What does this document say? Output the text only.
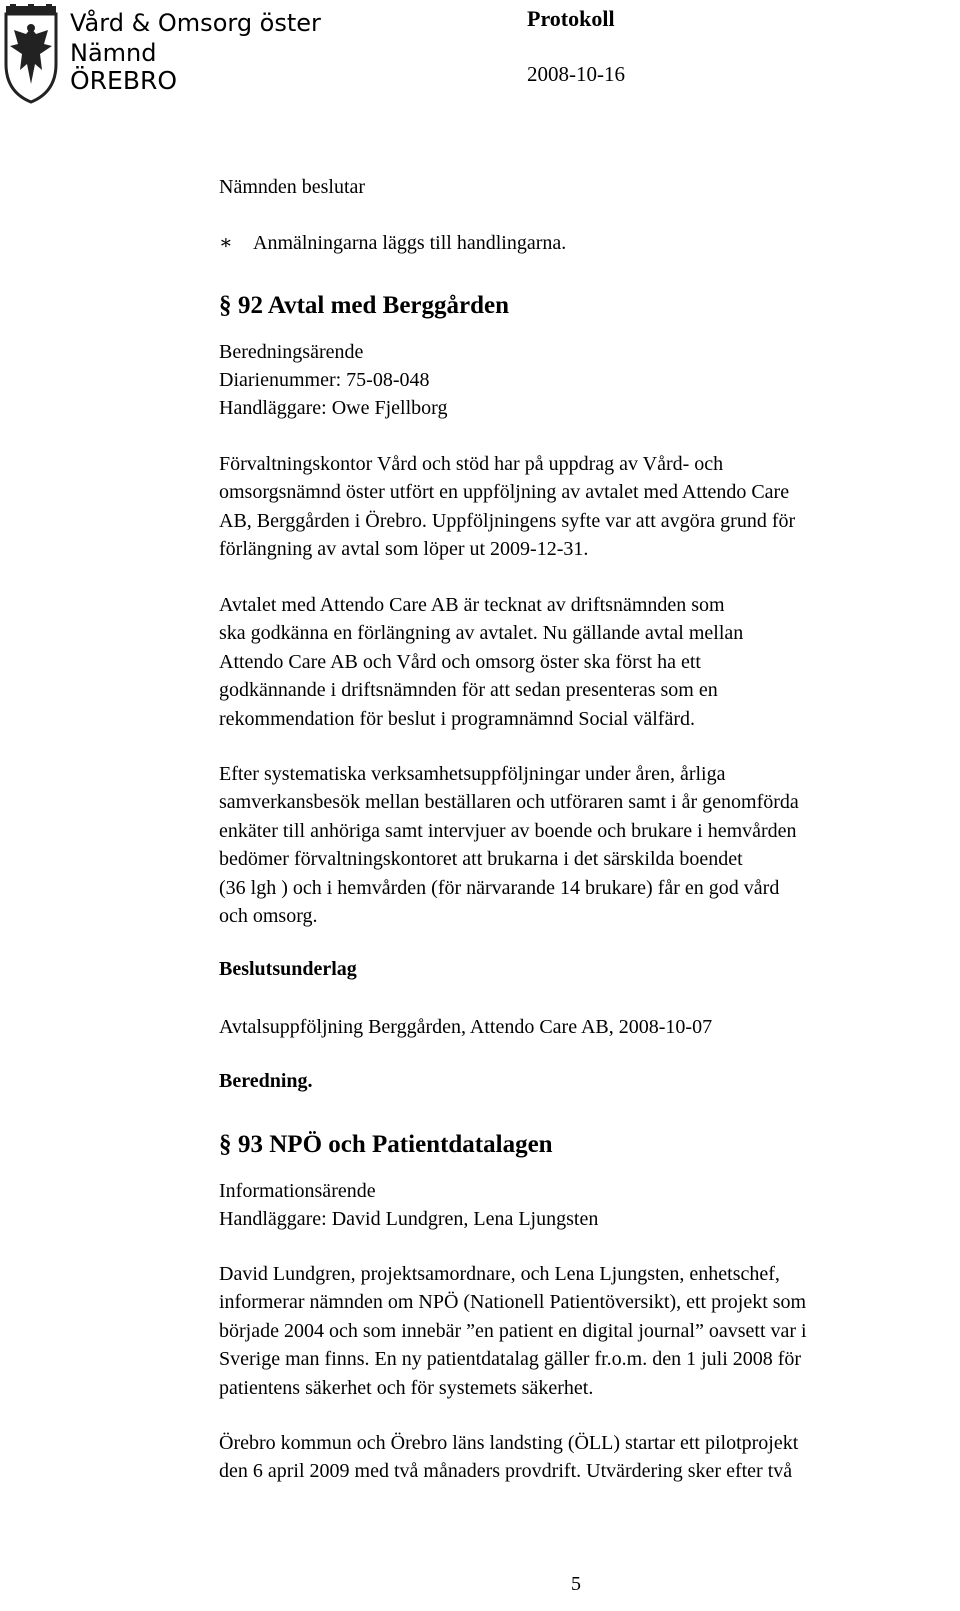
Vård & Omsorg öster
Nämnd
ÖREBRO
Protokoll
2008-10-16
Nämnden beslutar
∗ Anmälningarna läggs till handlingarna.
§ 92 Avtal med Berggården
Beredningsärende
Diarienummer: 75-08-048
Handläggare: Owe Fjellborg
Förvaltningskontor Vård och stöd har på uppdrag av Vård- och
omsorgsnämnd öster utfört en uppföljning av avtalet med Attendo Care
AB, Berggården i Örebro. Uppföljningens syfte var att avgöra grund för
förlängning av avtal som löper ut 2009-12-31.
Avtalet med Attendo Care AB är tecknat av driftsnämnden som
ska godkänna en förlängning av avtalet. Nu gällande avtal mellan
Attendo Care AB och Vård och omsorg öster ska först ha ett
godkännande i driftsnämnden för att sedan presenteras som en
rekommendation för beslut i programnämnd Social välfärd.
Efter systematiska verksamhetsuppföljningar under åren, årliga
samverkansbesök mellan beställaren och utföraren samt i år genomförda
enkäter till anhöriga samt intervjuer av boende och brukare i hemvården
bedömer förvaltningskontoret att brukarna i det särskilda boendet
(36 lgh ) och i hemvården (för närvarande 14 brukare) får en god vård
och omsorg.
Beslutsunderlag
Avtalsuppföljning Berggården, Attendo Care AB, 2008-10-07
Beredning.
§ 93 NPÖ och Patientdatalagen
Informationsärende
Handläggare: David Lundgren, Lena Ljungsten
David Lundgren, projektsamordnare, och Lena Ljungsten, enhetschef,
informerar nämnden om NPÖ (Nationell Patientöversikt), ett projekt som
började 2004 och som innebär ”en patient en digital journal” oavsett var i
Sverige man finns. En ny patientdatalag gäller fr.o.m. den 1 juli 2008 för
patientens säkerhet och för systemets säkerhet.
Örebro kommun och Örebro läns landsting (ÖLL) startar ett pilotprojekt
den 6 april 2009 med två månaders provdrift. Utvärdering sker efter två
5
